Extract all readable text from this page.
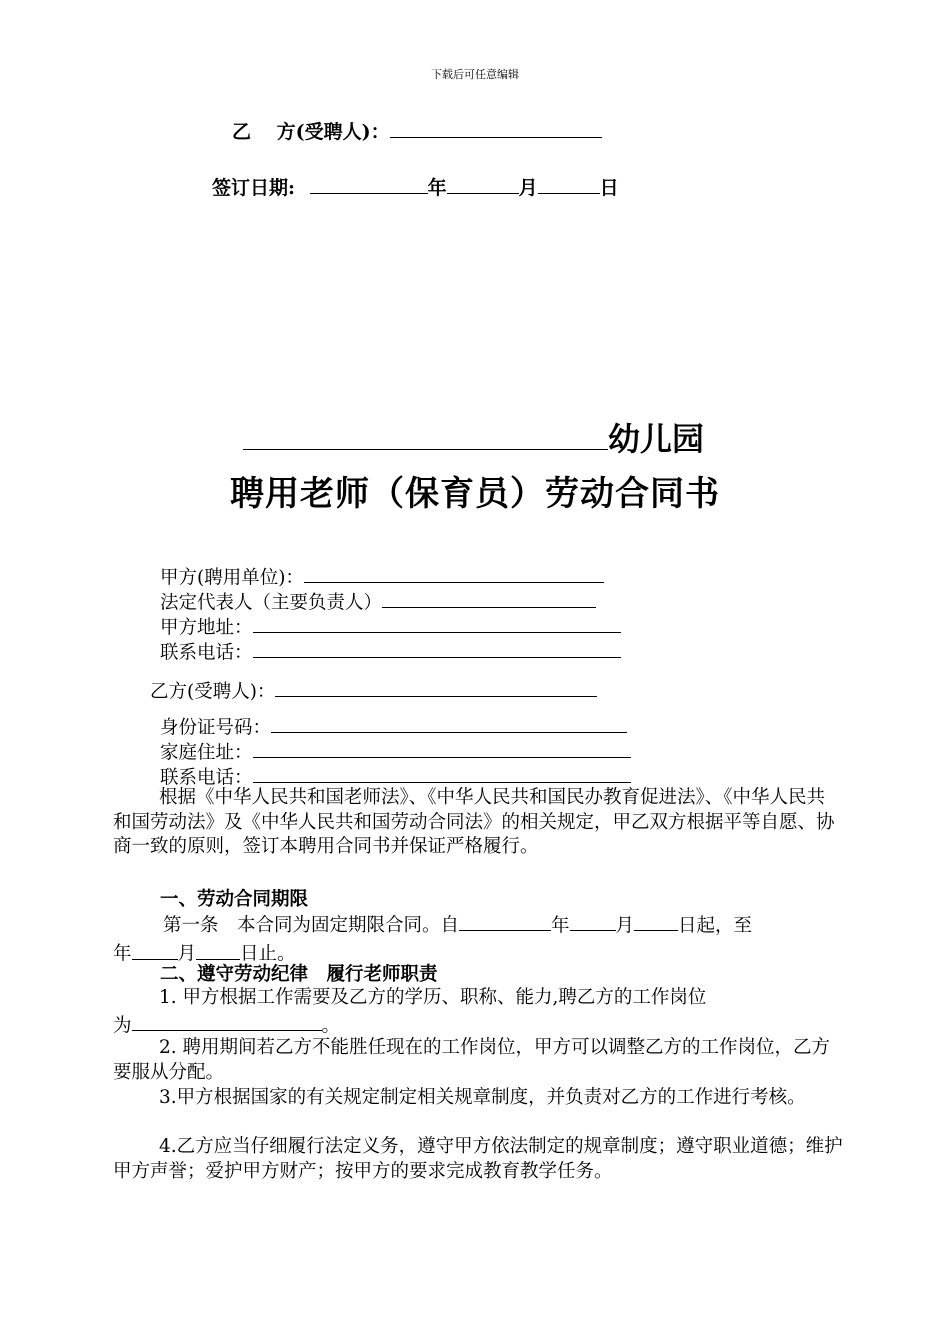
下载后可任意编辑
乙　 方(受聘人)：
签订日期:	年	月	日
幼儿园
聘用老师（保育员）劳动合同书
甲方(聘用单位)：
法定代表人（主要负责人）
甲方地址：
联系电话：
乙方(受聘人)：
身份证号码：
家庭住址：
联系电话：
根据《中华人民共和国老师法》、《中华人民共和国民办教育促进法》、《中华人民共和国劳动法》及《中华人民共和国劳动合同法》的相关规定，甲乙双方根据平等自愿、协商一致的原则，签订本聘用合同书并保证严格履行。
一、劳动合同期限
第一条　本合同为固定期限合同。自	年 月 日起，至
年 月 日止。
二、遵守劳动纪律　履行老师职责
1. 甲方根据工作需要及乙方的学历、职称、能力,聘乙方的工作岗位
为	。
2. 聘用期间若乙方不能胜任现在的工作岗位，甲方可以调整乙方的工作岗位，乙方要服从分配。
3.甲方根据国家的有关规定制定相关规章制度，并负责对乙方的工作进行考核。
4.乙方应当仔细履行法定义务，遵守甲方依法制定的规章制度；遵守职业道德；维护甲方声誉；爱护甲方财产；按甲方的要求完成教育教学任务。
